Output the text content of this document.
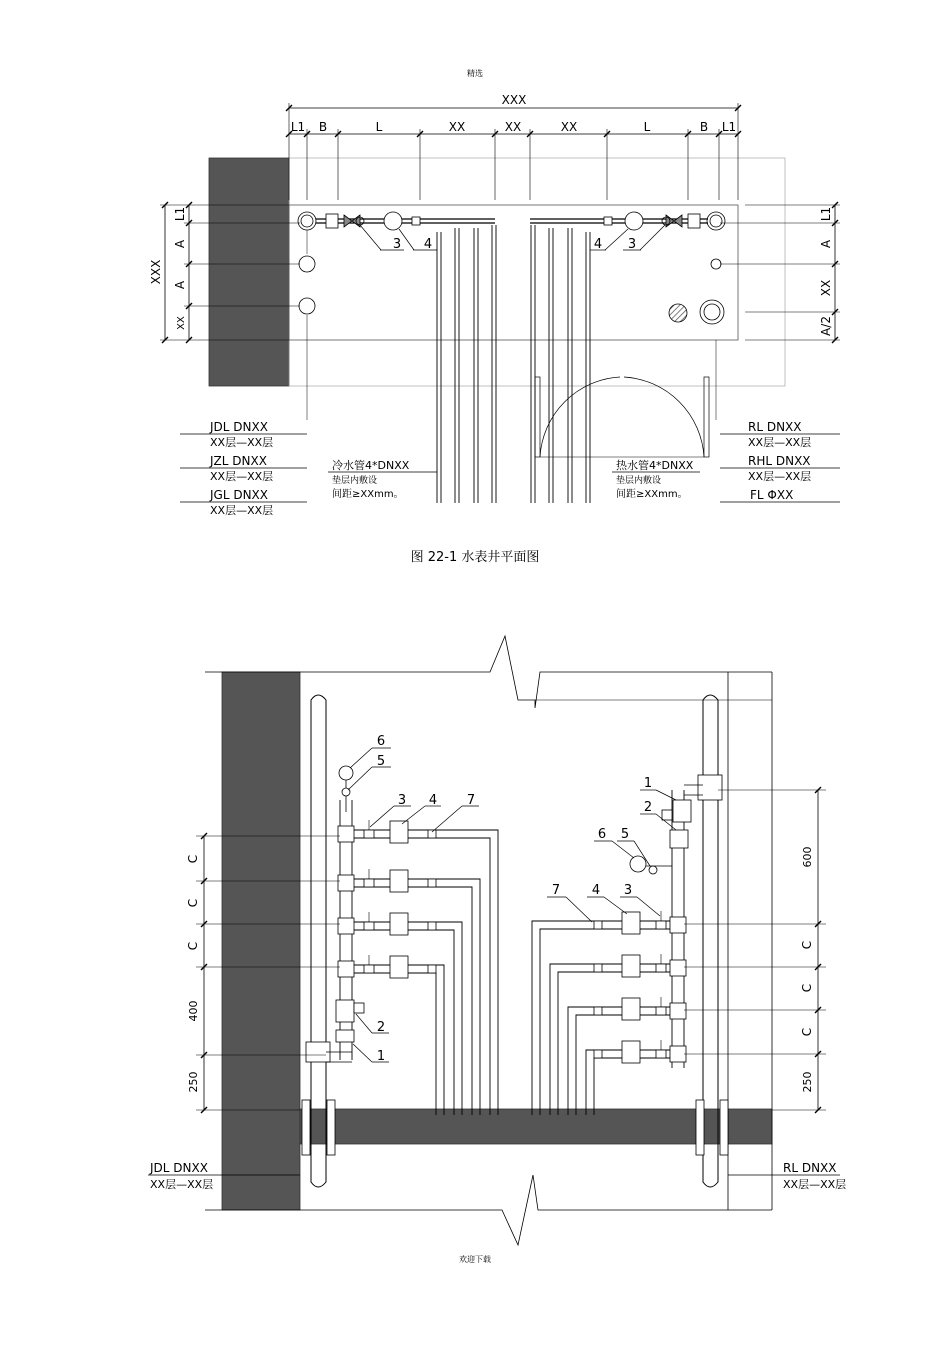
精选
XXX
L1 B	L	XX	XX	XX	L	B L1
XXX
L1
A
A
XX
L1
A
XX
A/2
3 4	4 3
JDL DNXX
XX层—XX层
JZL DNXX
XX层—XX层
JGL DNXX
XX层—XX层
RL DNXX
XX层—XX层
RHL DNXX
XX层—XX层
FL ΦXX
冷水管4*DNXX
垫层内敷设
间距≥XXmm。
热水管4*DNXX
垫层内敷设
间距≥XXmm。
C
C
C
400
250
600
C
C
C
250
6
5
3 4 7
2
1
1
2
6 5
7 4 3
JDL DNXX
XX层—XX层
RL DNXX
XX层—XX层
图 22-1 水表井平面图
欢迎下载
